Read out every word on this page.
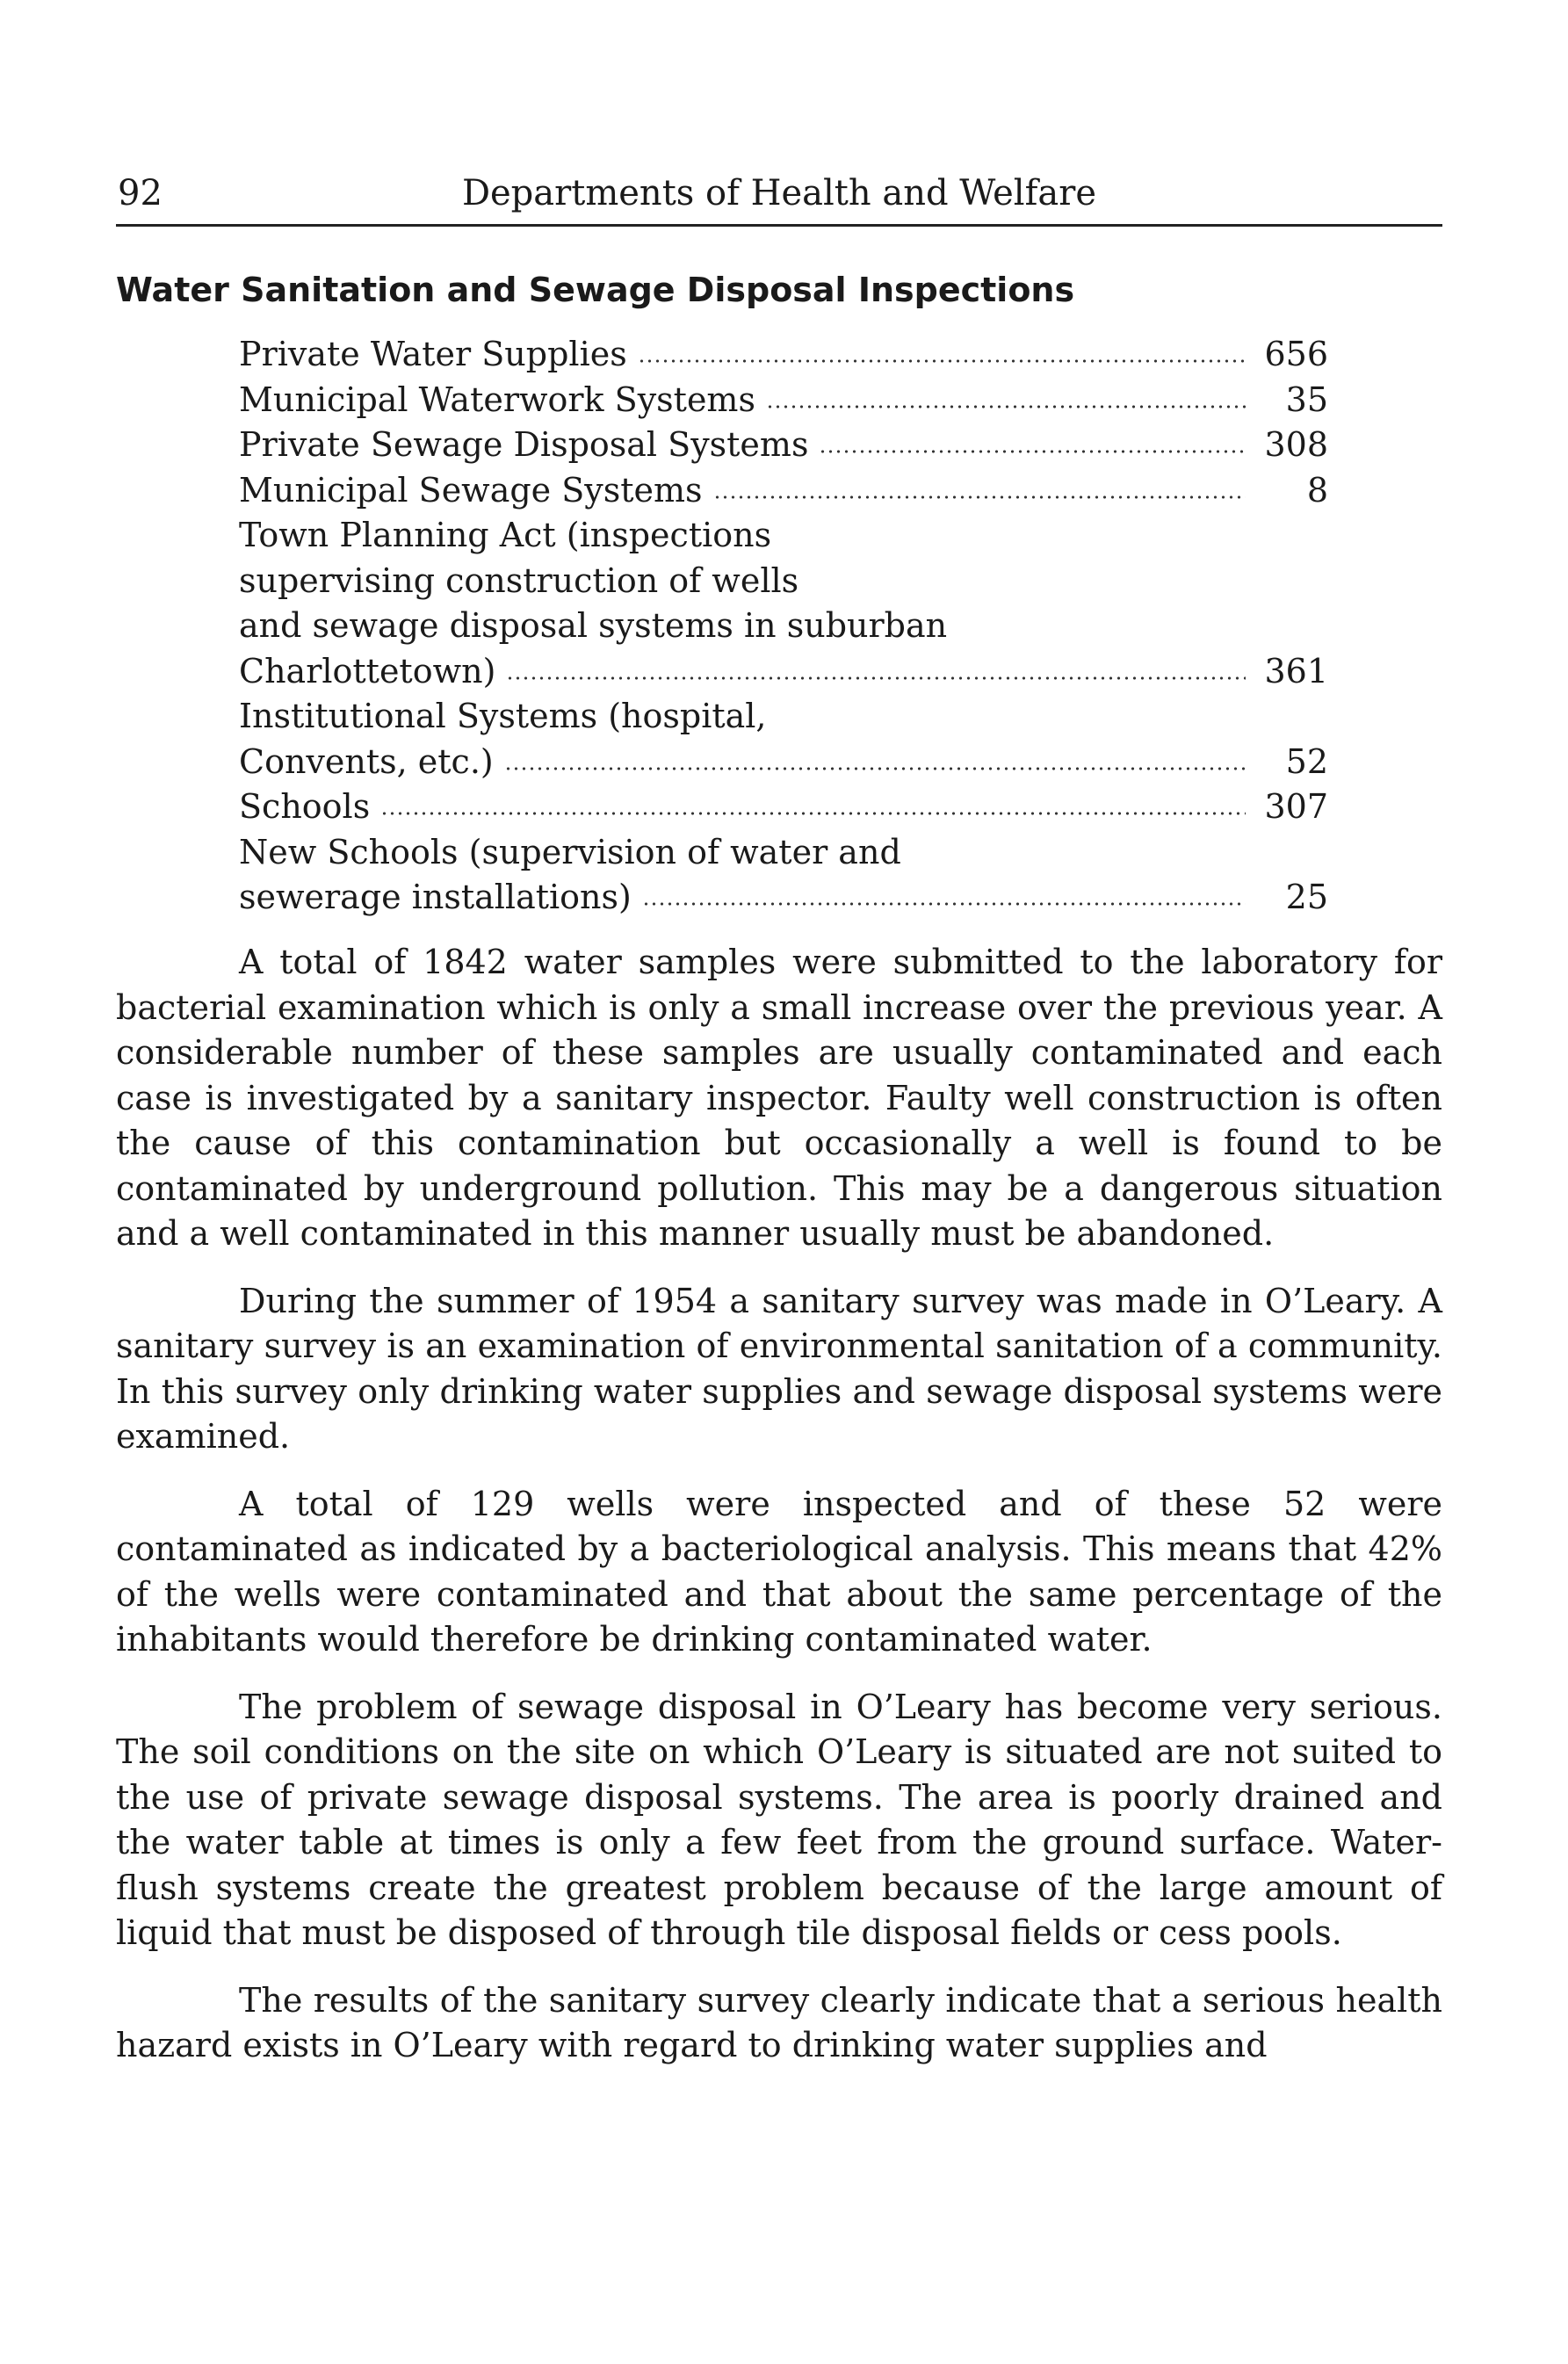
92	Departments of Health and Welfare
Water Sanitation and Sewage Disposal Inspections
Private Water Supplies	656
Municipal Waterwork Systems	35
Private Sewage Disposal Systems	308
Municipal Sewage Systems	8
Town Planning Act (inspections
supervising construction of wells
and sewage disposal systems in suburban
Charlottetown)	361
Institutional Systems (hospital,
Convents, etc.)	52
Schools	307
New Schools (supervision of water and
sewerage installations)	25

A total of 1842 water samples were submitted to the laboratory for bacterial examination which is only a small increase over the previous year. A considerable number of these samples are usually contaminated and each case is investigated by a sanitary inspector. Faulty well construction is often the cause of this contamination but occasionally a well is found to be contaminated by underground pollution. This may be a dangerous situation and a well contaminated in this manner usually must be abandoned.

During the summer of 1954 a sanitary survey was made in O’Leary. A sanitary survey is an examination of environmental sanitation of a community. In this survey only drinking water supplies and sewage disposal systems were examined.

A total of 129 wells were inspected and of these 52 were contaminated as indicated by a bacteriological analysis. This means that 42% of the wells were contaminated and that about the same percentage of the inhabitants would therefore be drinking contaminated water.

The problem of sewage disposal in O’Leary has become very serious. The soil conditions on the site on which O’Leary is situated are not suited to the use of private sewage disposal systems. The area is poorly drained and the water table at times is only a few feet from the ground surface. Water-flush systems create the greatest problem because of the large amount of liquid that must be disposed of through tile disposal fields or cess pools.

The results of the sanitary survey clearly indicate that a serious health hazard exists in O’Leary with regard to drinking water supplies and
